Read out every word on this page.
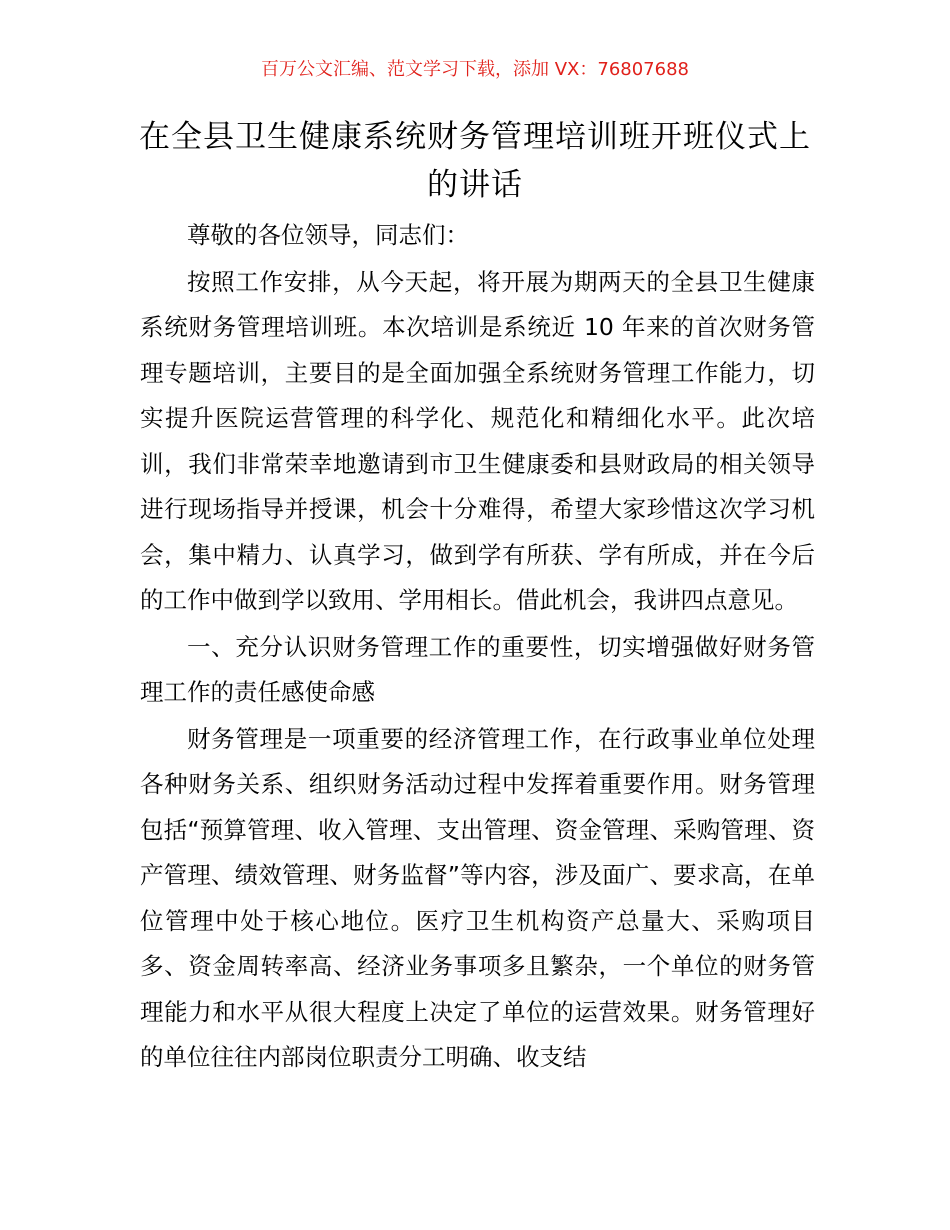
百万公文汇编、范文学习下载，添加 VX：76807688
在全县卫生健康系统财务管理培训班开班仪式上的讲话

尊敬的各位领导，同志们：

按照工作安排，从今天起，将开展为期两天的全县卫生健康系统财务管理培训班。本次培训是系统近 10 年来的首次财务管理专题培训，主要目的是全面加强全系统财务管理工作能力，切实提升医院运营管理的科学化、规范化和精细化水平。此次培训，我们非常荣幸地邀请到市卫生健康委和县财政局的相关领导进行现场指导并授课，机会十分难得，希望大家珍惜这次学习机会，集中精力、认真学习，做到学有所获、学有所成，并在今后的工作中做到学以致用、学用相长。借此机会，我讲四点意见。

一、充分认识财务管理工作的重要性，切实增强做好财务管理工作的责任感使命感

财务管理是一项重要的经济管理工作，在行政事业单位处理各种财务关系、组织财务活动过程中发挥着重要作用。财务管理包括“预算管理、收入管理、支出管理、资金管理、采购管理、资产管理、绩效管理、财务监督”等内容，涉及面广、要求高，在单位管理中处于核心地位。医疗卫生机构资产总量大、采购项目多、资金周转率高、经济业务事项多且繁杂，一个单位的财务管理能力和水平从很大程度上决定了单位的运营效果。财务管理好的单位往往内部岗位职责分工明确、收支结
